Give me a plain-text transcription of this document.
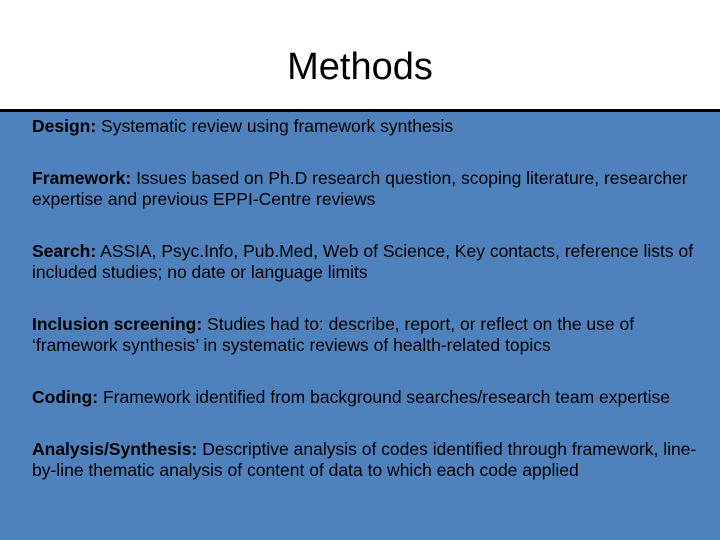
Methods
Design: Systematic review using framework synthesis
Framework: Issues based on Ph.D research question, scoping literature, researcher expertise and previous EPPI-Centre reviews
Search: ASSIA, Psyc.Info, Pub.Med, Web of Science, Key contacts, reference lists of included studies; no date or language limits
Inclusion screening: Studies had to: describe, report, or reflect on the use of ‘framework synthesis’ in systematic reviews of health-related topics
Coding: Framework identified from background searches/research team expertise
Analysis/Synthesis: Descriptive analysis of codes identified through framework, line-by-line thematic analysis of content of data to which each code applied
